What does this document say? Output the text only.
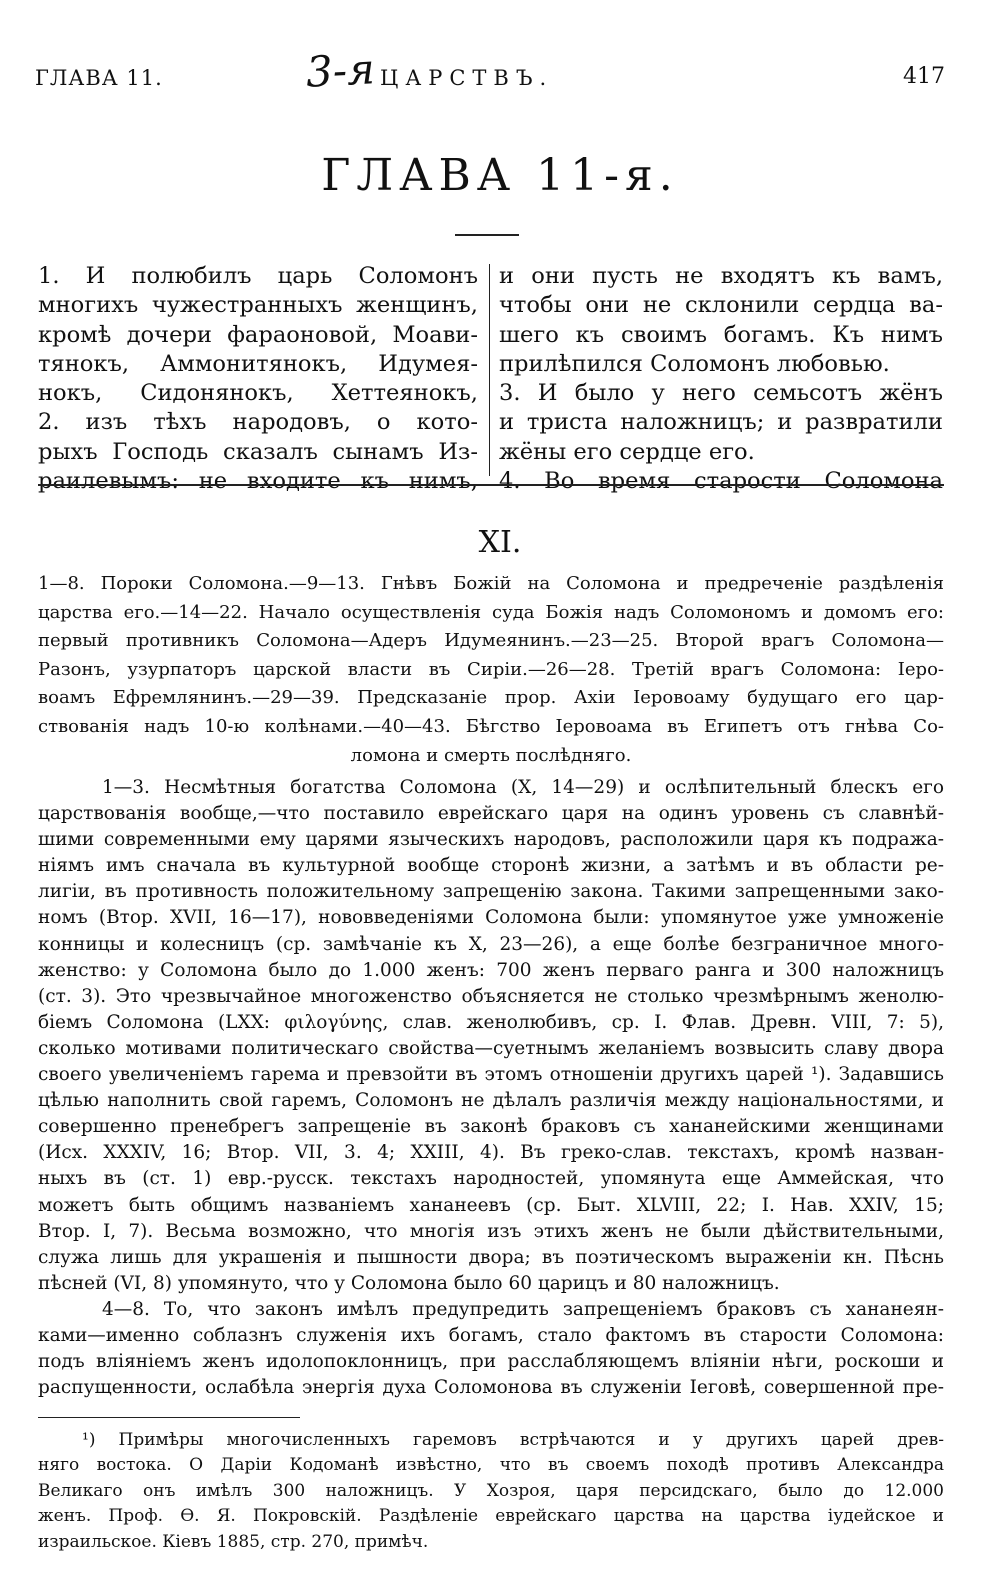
ГЛАВА 11.	3-я ЦАРСТВЪ.	417
ГЛАВА 11-я.
1. И полюбилъ царь Соломонъ
многихъ чужестранныхъ женщинъ,
кромѣ дочери фараоновой, Моави-
тянокъ, Аммонитянокъ, Идумея-
нокъ, Сидонянокъ, Хеттеянокъ,
2. изъ тѣхъ народовъ, о кото-
рыхъ Господь сказалъ сынамъ Из-
раилевымъ: не входите къ нимъ,
и они пусть не входятъ къ вамъ,
чтобы они не склонили сердца ва-
шего къ своимъ богамъ. Къ нимъ
прилѣпился Соломонъ любовью.
3. И было у него семьсотъ жёнъ
и триста наложницъ; и развратили
жёны его сердце его.
4. Во время старости Соломона
XI.
1—8. Пороки Соломона.—9—13. Гнѣвъ Божій на Соломона и предреченіе раздѣленія
царства его.—14—22. Начало осуществленія суда Божія надъ Соломономъ и домомъ его:
первый противникъ Соломона—Адеръ Идумеянинъ.—23—25. Второй врагъ Соломона—
Разонъ, узурпаторъ царской власти въ Сиріи.—26—28. Третій врагъ Соломона: Іеро-
воамъ Ефремлянинъ.—29—39. Предсказаніе прор. Ахіи Іеровоаму будущаго его цар-
ствованія надъ 10-ю колѣнами.—40—43. Бѣгство Іеровоама въ Египетъ отъ гнѣва Со-
ломона и смерть послѣдняго.
1—3. Несмѣтныя богатства Соломона (X, 14—29) и ослѣпительный блескъ его
царствованія вообще,—что поставило еврейскаго царя на одинъ уровень съ славнѣй-
шими современными ему царями языческихъ народовъ, расположили царя къ подража-
ніямъ имъ сначала въ культурной вообще сторонѣ жизни, а затѣмъ и въ области ре-
лигіи, въ противность положительному запрещенію закона. Такими запрещенными зако-
номъ (Втор. XVII, 16—17), нововведеніями Соломона были: упомянутое уже умноженіе
конницы и колесницъ (ср. замѣчаніе къ X, 23—26), а еще болѣе безграничное много-
женство: у Соломона было до 1.000 женъ: 700 женъ перваго ранга и 300 наложницъ
(ст. 3). Это чрезвычайное многоженство объясняется не столько чрезмѣрнымъ женолю-
біемъ Соломона (LXX: φιλογύνης, слав. женолюбивъ, ср. І. Флав. Древн. VIII, 7: 5),
сколько мотивами политическаго свойства—суетнымъ желаніемъ возвысить славу двора
своего увеличеніемъ гарема и превзойти въ этомъ отношеніи другихъ царей ¹). Задавшись
цѣлью наполнить свой гаремъ, Соломонъ не дѣлалъ различія между національностями, и
совершенно пренебрегъ запрещеніе въ законѣ браковъ съ хананейскими женщинами
(Исх. XXXIV, 16; Втор. VII, 3. 4; XXIII, 4). Въ греко-слав. текстахъ, кромѣ назван-
ныхъ въ (ст. 1) евр.-русск. текстахъ народностей, упомянута еще Аммейская, что
можетъ быть общимъ названіемъ хананеевъ (ср. Быт. XLVIII, 22; І. Нав. XXIV, 15;
Втор. I, 7). Весьма возможно, что многія изъ этихъ женъ не были дѣйствительными,
служа лишь для украшенія и пышности двора; въ поэтическомъ выраженіи кн. Пѣснь
пѣсней (VI, 8) упомянуто, что у Соломона было 60 царицъ и 80 наложницъ.
4—8. То, что законъ имѣлъ предупредить запрещеніемъ браковъ съ хананеян-
ками—именно соблазнъ служенія ихъ богамъ, стало фактомъ въ старости Соломона:
подъ вліяніемъ женъ идолопоклонницъ, при расслабляющемъ вліяніи нѣги, роскоши и
распущенности, ослабѣла энергія духа Соломонова въ служеніи Іеговѣ, совершенной пре-
¹) Примѣры многочисленныхъ гаремовъ встрѣчаются и у другихъ царей древ-
няго востока. О Даріи Кодоманѣ извѣстно, что въ своемъ походѣ противъ Александра
Великаго онъ имѣлъ 300 наложницъ. У Хозроя, царя персидскаго, было до 12.000
женъ. Проф. Ѳ. Я. Покровскій. Раздѣленіе еврейскаго царства на царства іудейское и
израильское. Кіевъ 1885, стр. 270, примѣч.
